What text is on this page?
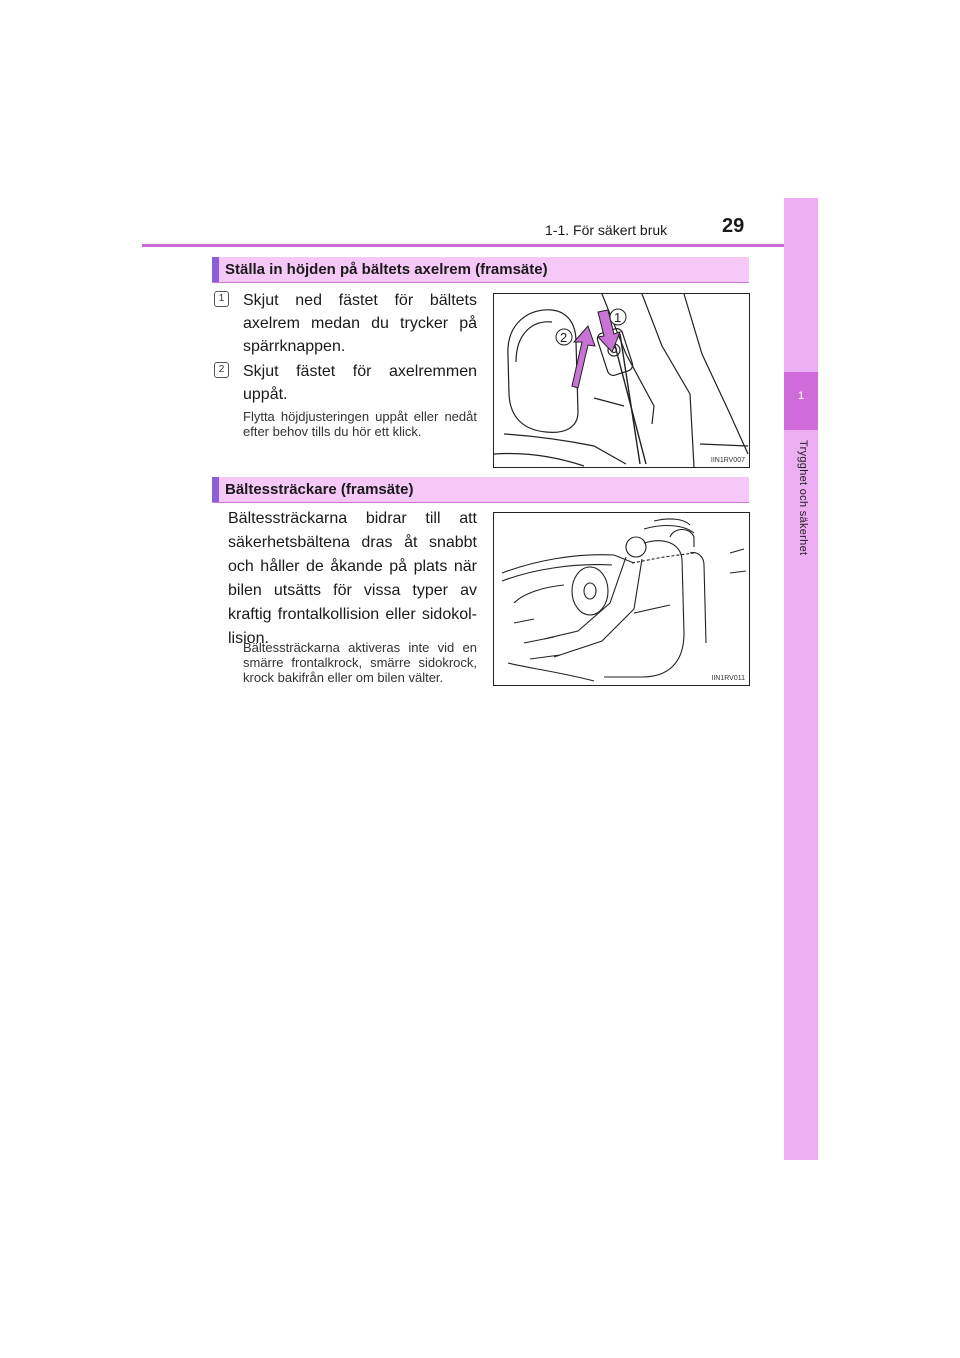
1-1. För säkert bruk	29
1
Trygghet och säkerhet
Ställa in höjden på bältets axelrem (framsäte)
1 Skjut ned fästet för bältets axelrem medan du trycker på spärrknappen.
2 Skjut fästet för axelremmen uppåt.
Flytta höjdjusteringen uppåt eller nedåt efter behov tills du hör ett klick.
1
2
IIN1RV007
Bältessträckare (framsäte)
Bältessträckarna bidrar till att säkerhetsbältena dras åt snabbt och håller de åkande på plats när bilen utsätts för vissa typer av kraftig frontalkollision eller sidokol-lision.
Bältessträckarna aktiveras inte vid en smärre frontalkrock, smärre sidokrock, krock bakifrån eller om bilen välter.	IIN1RV011
